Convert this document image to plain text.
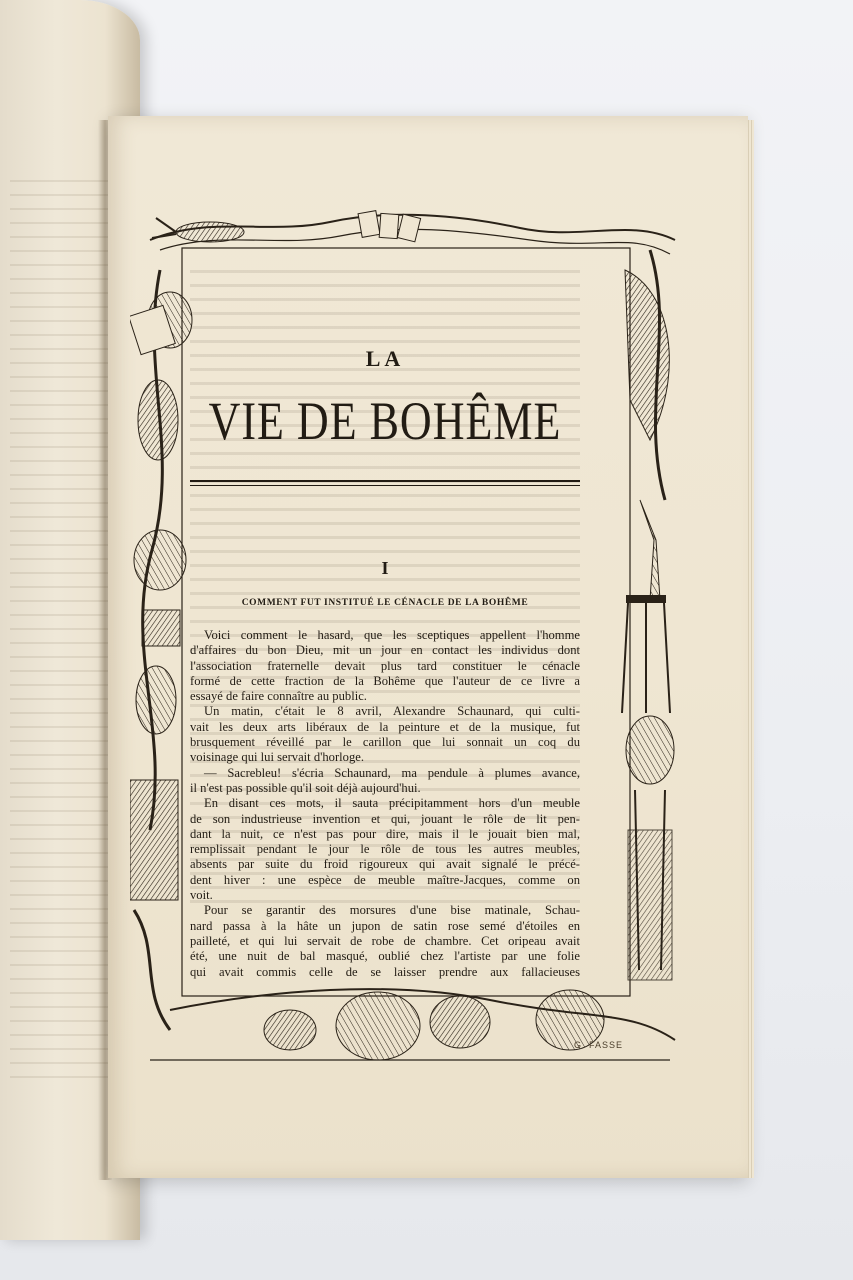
LA
VIE DE BOHÊME
I
COMMENT FUT INSTITUÉ LE CÉNACLE DE LA BOHÊME
Voici comment le hasard, que les sceptiques appellent l'homme
d'affaires du bon Dieu, mit un jour en contact les individus dont
l'association fraternelle devait plus tard constituer le cénacle
formé de cette fraction de la Bohême que l'auteur de ce livre a
essayé de faire connaître au public.
Un matin, c'était le 8 avril, Alexandre Schaunard, qui culti-
vait les deux arts libéraux de la peinture et de la musique, fut
brusquement réveillé par le carillon que lui sonnait un coq du
voisinage qui lui servait d'horloge.
— Sacrebleu! s'écria Schaunard, ma pendule à plumes avance,
il n'est pas possible qu'il soit déjà aujourd'hui.
En disant ces mots, il sauta précipitamment hors d'un meuble
de son industrieuse invention et qui, jouant le rôle de lit pen-
dant la nuit, ce n'est pas pour dire, mais il le jouait bien mal,
remplissait pendant le jour le rôle de tous les autres meubles,
absents par suite du froid rigoureux qui avait signalé le précé-
dent hiver : une espèce de meuble maître-Jacques, comme on
voit.
Pour se garantir des morsures d'une bise matinale, Schau-
nard passa à la hâte un jupon de satin rose semé d'étoiles en
pailleté, et qui lui servait de robe de chambre. Cet oripeau avait
été, une nuit de bal masqué, oublié chez l'artiste par une folie
qui avait commis celle de se laisser prendre aux fallacieuses
G. FASSE
